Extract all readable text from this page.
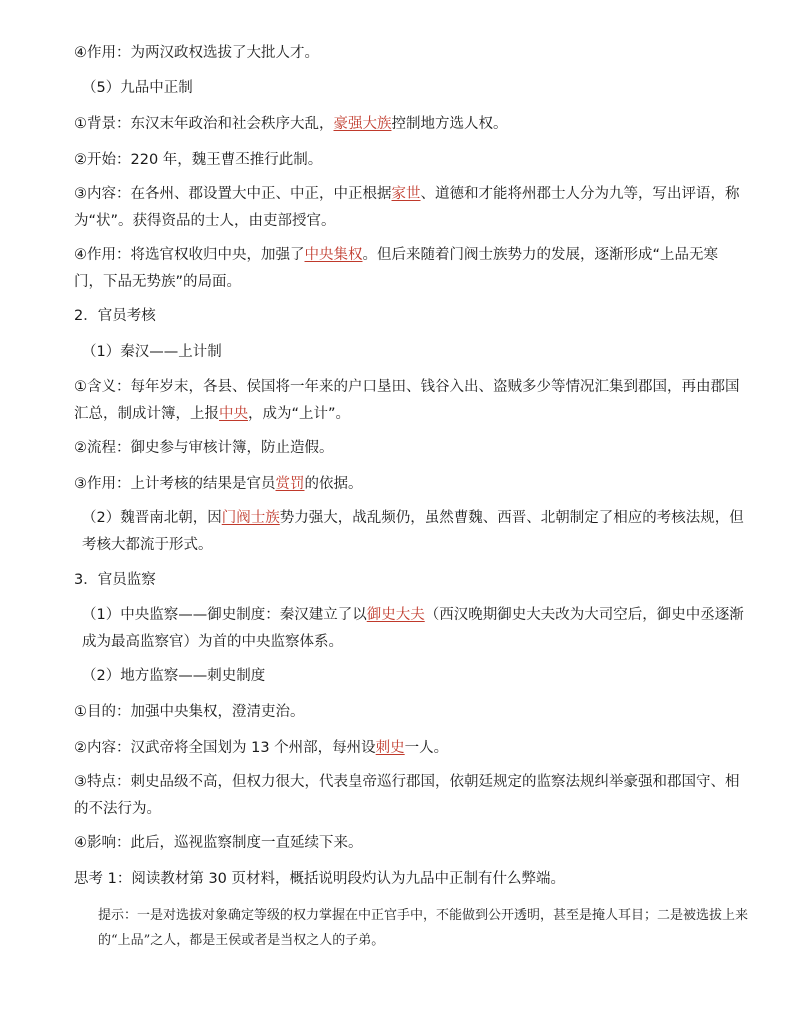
④作用：为两汉政权选拔了大批人才。
（5）九品中正制
①背景：东汉末年政治和社会秩序大乱，豪强大族控制地方选人权。
②开始：220 年，魏王曹丕推行此制。
③内容：在各州、郡设置大中正、中正，中正根据家世、道德和才能将州郡士人分为九等，写出评语，称为“状”。获得资品的士人，由吏部授官。
④作用：将选官权收归中央，加强了中央集权。但后来随着门阀士族势力的发展，逐渐形成“上品无寒门，下品无势族”的局面。
2．官员考核
（1）秦汉——上计制
①含义：每年岁末，各县、侯国将一年来的户口垦田、钱谷入出、盗贼多少等情况汇集到郡国，再由郡国汇总，制成计簿，上报中央，成为“上计”。
②流程：御史参与审核计簿，防止造假。
③作用：上计考核的结果是官员赏罚的依据。
（2）魏晋南北朝，因门阀士族势力强大，战乱频仍，虽然曹魏、西晋、北朝制定了相应的考核法规，但考核大都流于形式。
3．官员监察
（1）中央监察——御史制度：秦汉建立了以御史大夫（西汉晚期御史大夫改为大司空后，御史中丞逐渐成为最高监察官）为首的中央监察体系。
（2）地方监察——刺史制度
①目的：加强中央集权，澄清吏治。
②内容：汉武帝将全国划为 13 个州部，每州设刺史一人。
③特点：刺史品级不高，但权力很大，代表皇帝巡行郡国，依朝廷规定的监察法规纠举豪强和郡国守、相的不法行为。
④影响：此后，巡视监察制度一直延续下来。
思考 1：阅读教材第 30 页材料，概括说明段灼认为九品中正制有什么弊端。
提示：一是对选拔对象确定等级的权力掌握在中正官手中，不能做到公开透明，甚至是掩人耳目；二是被选拔上来的“上品”之人，都是王侯或者是当权之人的子弟。
